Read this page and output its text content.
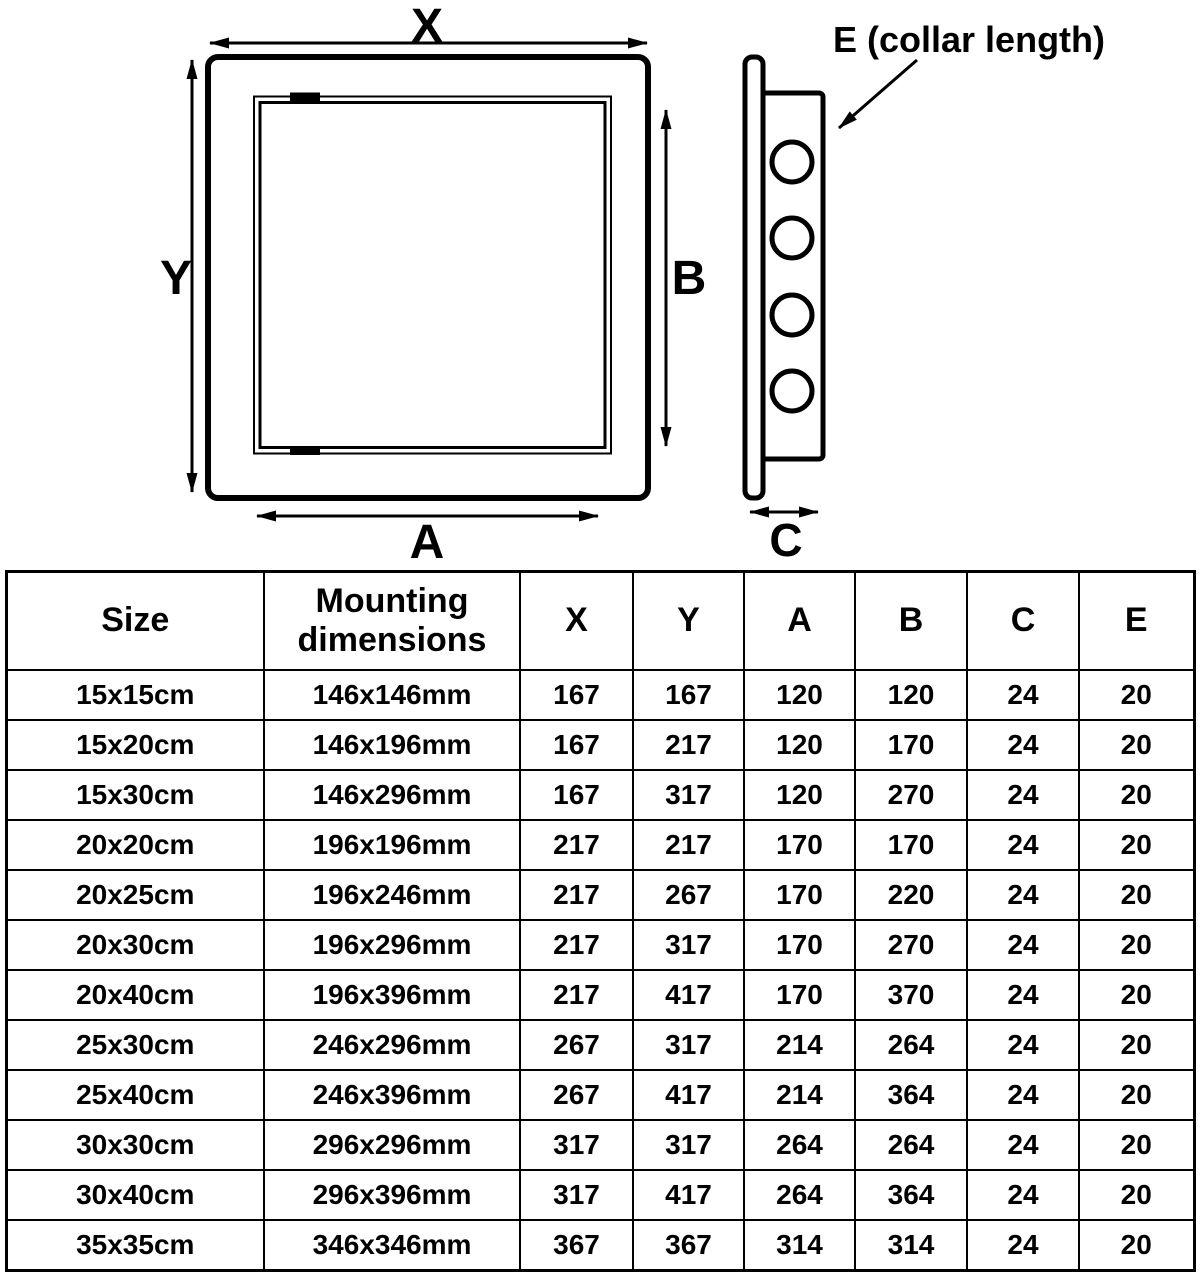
X
Y	B
A
E (collar length)
C
Size	Mounting dimensions	X	Y	A	B	C	E
15x15cm	146x146mm	167	167	120	120	24	20
15x20cm	146x196mm	167	217	120	170	24	20
15x30cm	146x296mm	167	317	120	270	24	20
20x20cm	196x196mm	217	217	170	170	24	20
20x25cm	196x246mm	217	267	170	220	24	20
20x30cm	196x296mm	217	317	170	270	24	20
20x40cm	196x396mm	217	417	170	370	24	20
25x30cm	246x296mm	267	317	214	264	24	20
25x40cm	246x396mm	267	417	214	364	24	20
30x30cm	296x296mm	317	317	264	264	24	20
30x40cm	296x396mm	317	417	264	364	24	20
35x35cm	346x346mm	367	367	314	314	24	20
